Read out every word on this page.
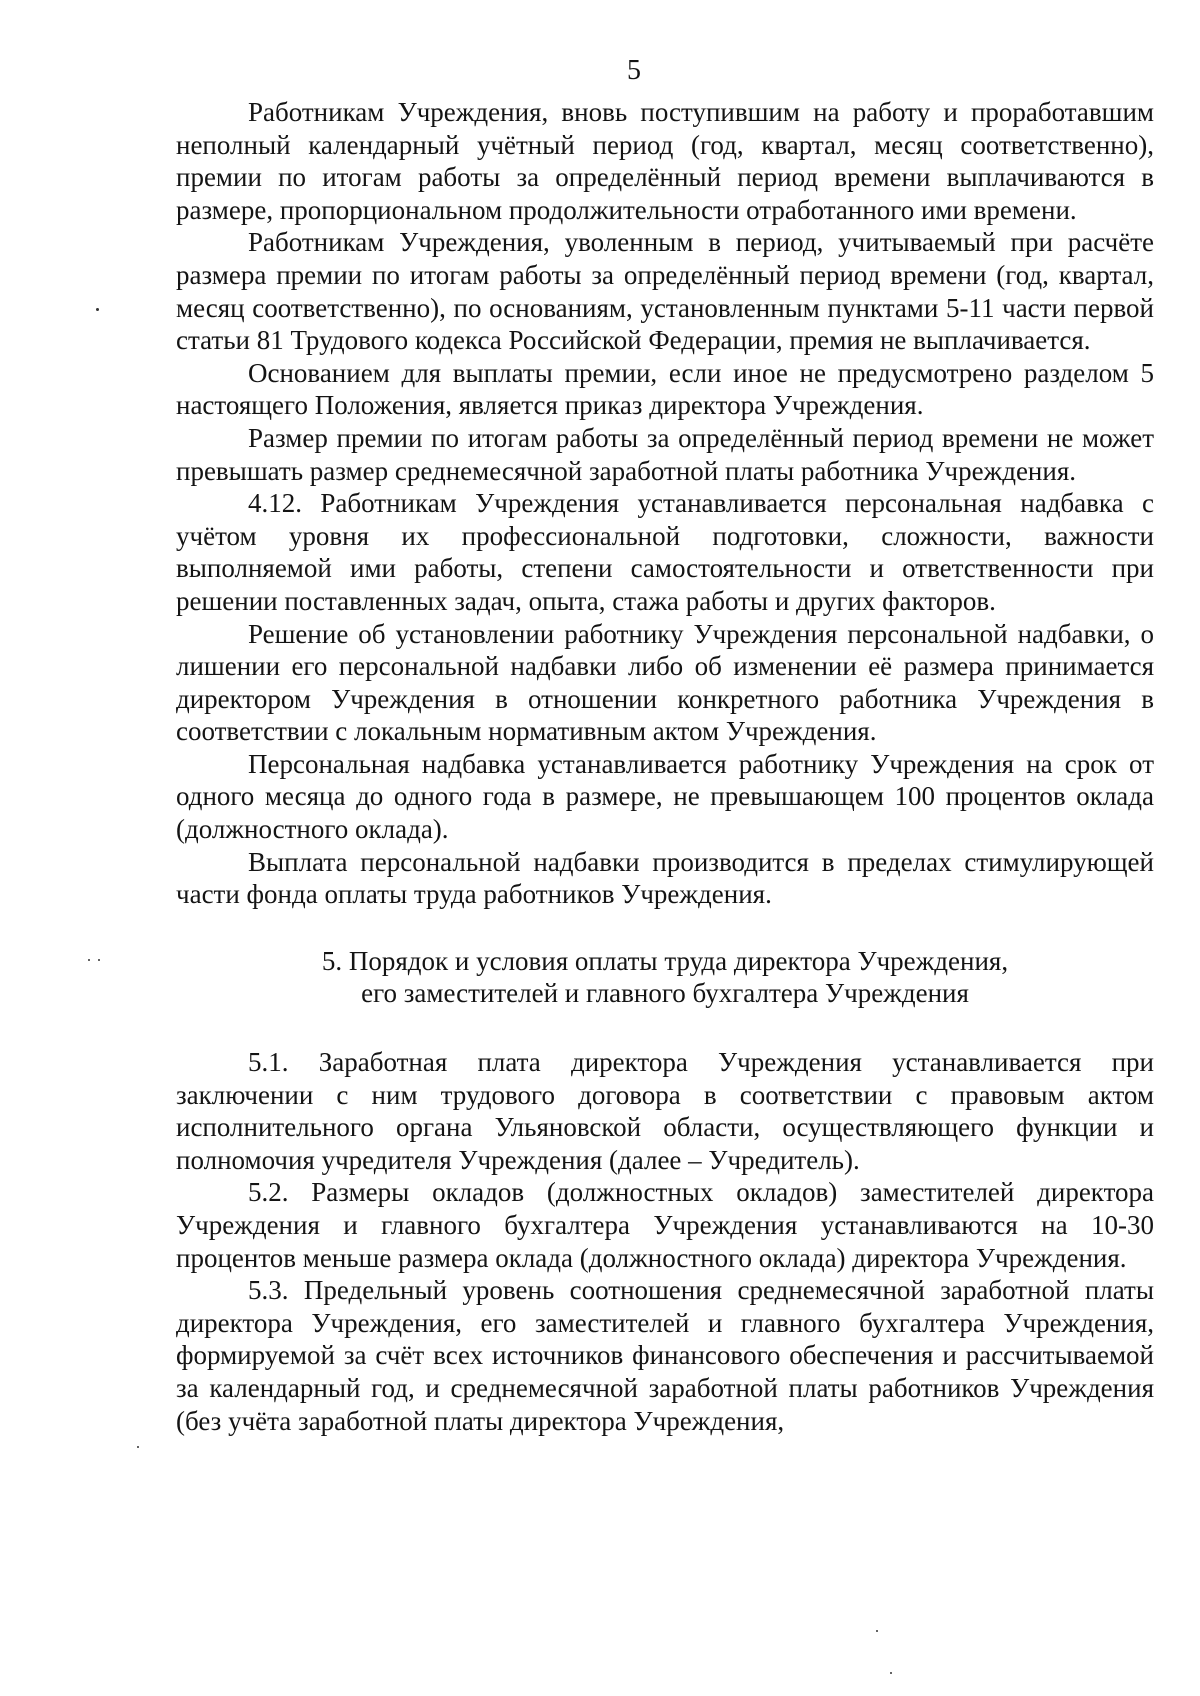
5

Работникам Учреждения, вновь поступившим на работу и проработавшим неполный календарный учётный период (год, квартал, месяц соответственно), премии по итогам работы за определённый период времени выплачиваются в размере, пропорциональном продолжительности отработанного ими времени.

Работникам Учреждения, уволенным в период, учитываемый при расчёте размера премии по итогам работы за определённый период времени (год, квартал, месяц соответственно), по основаниям, установленным пунктами 5-11 части первой статьи 81 Трудового кодекса Российской Федерации, премия не выплачивается.

Основанием для выплаты премии, если иное не предусмотрено разделом 5 настоящего Положения, является приказ директора Учреждения.

Размер премии по итогам работы за определённый период времени не может превышать размер среднемесячной заработной платы работника Учреждения.

4.12. Работникам Учреждения устанавливается персональная надбавка с учётом уровня их профессиональной подготовки, сложности, важности выполняемой ими работы, степени самостоятельности и ответственности при решении поставленных задач, опыта, стажа работы и других факторов.

Решение об установлении работнику Учреждения персональной надбавки, о лишении его персональной надбавки либо об изменении её размера принимается директором Учреждения в отношении конкретного работника Учреждения в соответствии с локальным нормативным актом Учреждения.

Персональная надбавка устанавливается работнику Учреждения на срок от одного месяца до одного года в размере, не превышающем 100 процентов оклада (должностного оклада).

Выплата персональной надбавки производится в пределах стимулирующей части фонда оплаты труда работников Учреждения.

5. Порядок и условия оплаты труда директора Учреждения,
его заместителей и главного бухгалтера Учреждения

5.1. Заработная плата директора Учреждения устанавливается при заключении с ним трудового договора в соответствии с правовым актом исполнительного органа Ульяновской области, осуществляющего функции и полномочия учредителя Учреждения (далее – Учредитель).

5.2. Размеры окладов (должностных окладов) заместителей директора Учреждения и главного бухгалтера Учреждения устанавливаются на 10-30 процентов меньше размера оклада (должностного оклада) директора Учреждения.

5.3. Предельный уровень соотношения среднемесячной заработной платы директора Учреждения, его заместителей и главного бухгалтера Учреждения, формируемой за счёт всех источников финансового обеспечения и рассчитываемой за календарный год, и среднемесячной заработной платы работников Учреждения (без учёта заработной платы директора Учреждения,
